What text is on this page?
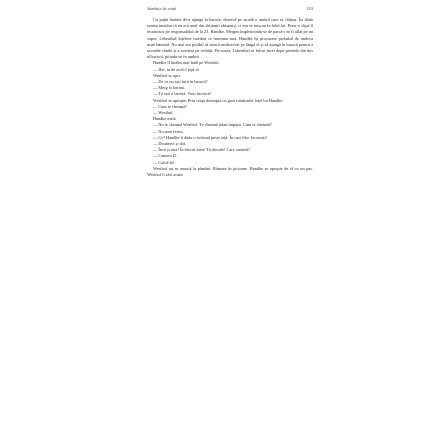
Sămânța de viață	143

Cu puțin înainte de-a ajunge la baracă, observă pe stradă o umbră care se clătina. Își dădu seama imediat că nu era unul din deținuții obișnuiți, ci mu se mișcau în felul lui. Peste o clipă îl recunoscu pe responsabilul de la 23, Handke. Mergea împleticindu-se de parcă s-ar fi aflat pe un vapor. Lebenthal înțelese imediat ce însemna asta. Handke își procurase probabil de undeva niște băutură. Nu mai era posibil să treacă neobservat pe lângă el și să ajungă în baracă pentru a ascunde cănile și a avertiza pe ceilalți. De aceea, Lebenthal se folosi încet după peretele din dos al barăcii, pitindu-se în umbră.

Handke îl întâlni mai întâi pe Westhof.

— Hei, tu de acolo! țipă el.

Westhof se opri.

— De ce nu ești încă în baracă?

— Merg la latrină.

— Tu ești o latrină. Vino încoace!

Westhof se apropie. Prin ceața deasupra cu greu trăsăturile fețel lui Handke.

— Cum te cheamă?

— Westhof.

Handke ezită.

— Nu te cheamă Westhof. Te cheamă jidan împuțit. Cum te cheamă?

— Nu sunt evreu.

— Ce? Handke îi dădu o lovitură peste față. În care bloc locuiești?

— Douăzeci și doi.

— Încă și asta! În blocul meu! Ticălosule! Care cameră?

— Camera D.

— Culcă-te!

Westhof nu se aruncă la pământ. Rămase în picioare. Handke se apropie de el cu un pas. Westhof îi zări acum
